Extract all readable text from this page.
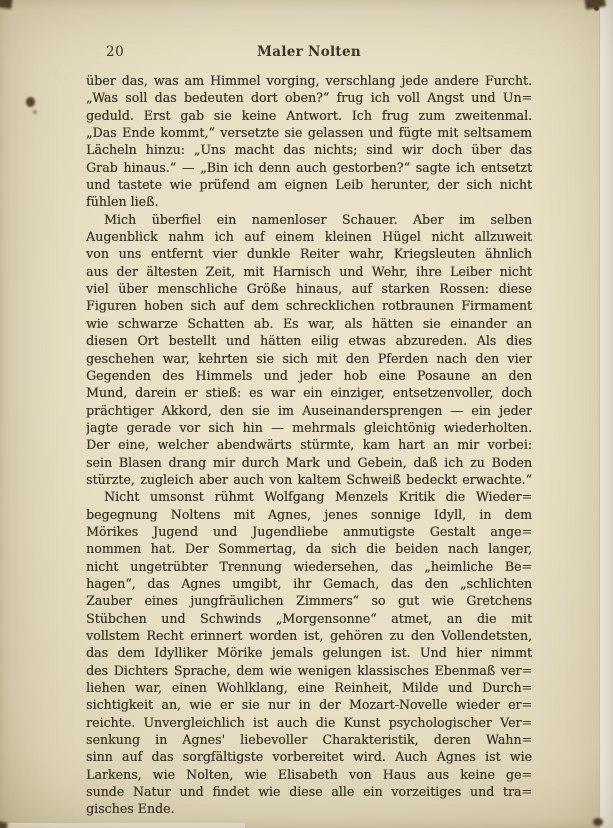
20	Maler Nolten
über das, was am Himmel vorging, verschlang jede andere Furcht.
„Was soll das bedeuten dort oben?“ frug ich voll Angst und Un=
geduld. Erst gab sie keine Antwort. Ich frug zum zweitenmal.
„Das Ende kommt,“ versetzte sie gelassen und fügte mit seltsamem
Lächeln hinzu: „Uns macht das nichts; sind wir doch über das
Grab hinaus.“ — „Bin ich denn auch gestorben?“ sagte ich entsetzt
und tastete wie prüfend am eignen Leib herunter, der sich nicht
fühlen ließ.
Mich überfiel ein namenloser Schauer. Aber im selben
Augenblick nahm ich auf einem kleinen Hügel nicht allzuweit
von uns entfernt vier dunkle Reiter wahr, Kriegsleuten ähnlich
aus der ältesten Zeit, mit Harnisch und Wehr, ihre Leiber nicht
viel über menschliche Größe hinaus, auf starken Rossen: diese
Figuren hoben sich auf dem schrecklichen rotbraunen Firmament
wie schwarze Schatten ab. Es war, als hätten sie einander an
diesen Ort bestellt und hätten eilig etwas abzureden. Als dies
geschehen war, kehrten sie sich mit den Pferden nach den vier
Gegenden des Himmels und jeder hob eine Posaune an den
Mund, darein er stieß: es war ein einziger, entsetzenvoller, doch
prächtiger Akkord, den sie im Auseinandersprengen — ein jeder
jagte gerade vor sich hin — mehrmals gleichtönig wiederholten.
Der eine, welcher abendwärts stürmte, kam hart an mir vorbei:
sein Blasen drang mir durch Mark und Gebein, daß ich zu Boden
stürzte, zugleich aber auch von kaltem Schweiß bedeckt erwachte.“
Nicht umsonst rühmt Wolfgang Menzels Kritik die Wieder=
begegnung Noltens mit Agnes, jenes sonnige Idyll, in dem
Mörikes Jugend und Jugendliebe anmutigste Gestalt ange=
nommen hat. Der Sommertag, da sich die beiden nach langer,
nicht ungetrübter Trennung wiedersehen, das „heimliche Be=
hagen“, das Agnes umgibt, ihr Gemach, das den „schlichten
Zauber eines jungfräulichen Zimmers“ so gut wie Gretchens
Stübchen und Schwinds „Morgensonne“ atmet, an die mit
vollstem Recht erinnert worden ist, gehören zu den Vollendetsten,
das dem Idylliker Mörike jemals gelungen ist. Und hier nimmt
des Dichters Sprache, dem wie wenigen klassisches Ebenmaß ver=
liehen war, einen Wohlklang, eine Reinheit, Milde und Durch=
sichtigkeit an, wie er sie nur in der Mozart-Novelle wieder er=
reichte. Unvergleichlich ist auch die Kunst psychologischer Ver=
senkung in Agnes' liebevoller Charakteristik, deren Wahn=
sinn auf das sorgfältigste vorbereitet wird. Auch Agnes ist wie
Larkens, wie Nolten, wie Elisabeth von Haus aus keine ge=
sunde Natur und findet wie diese alle ein vorzeitiges und tra=
gisches Ende.
